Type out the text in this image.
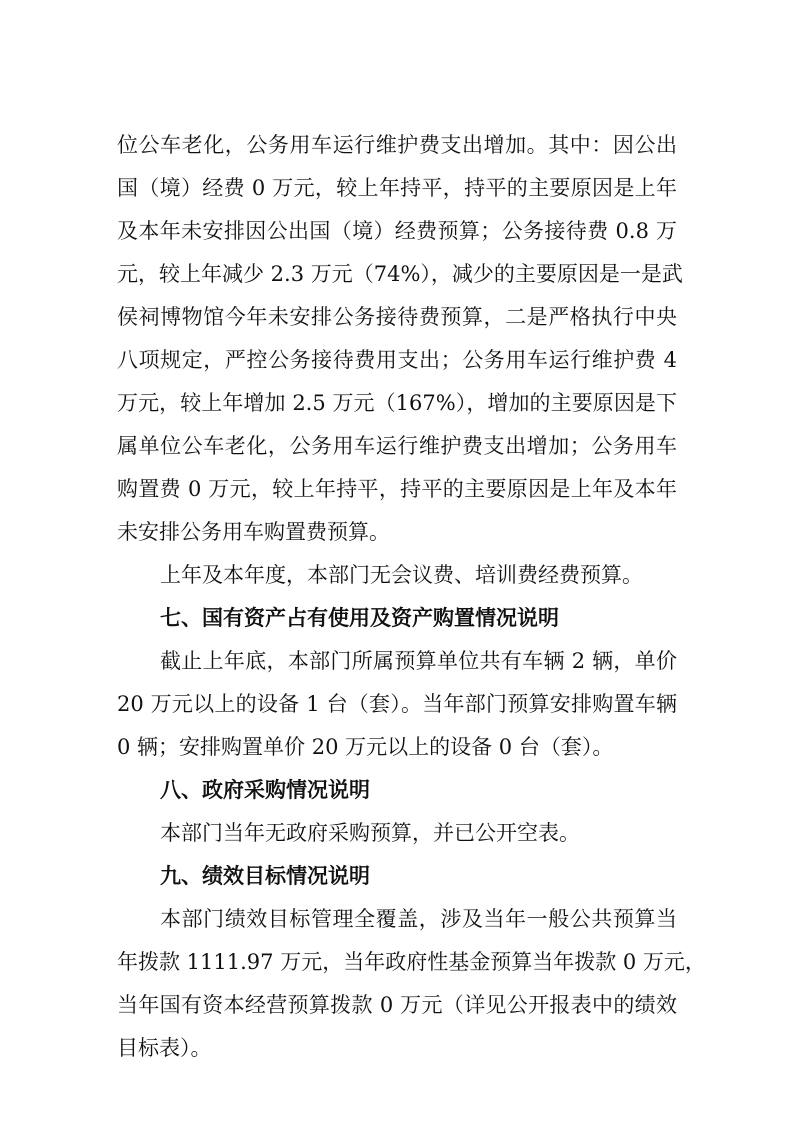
位公车老化，公务用车运行维护费支出增加。其中：因公出
国（境）经费 0 万元，较上年持平，持平的主要原因是上年
及本年未安排因公出国（境）经费预算；公务接待费 0.8 万
元，较上年减少 2.3 万元（74%），减少的主要原因是一是武
侯祠博物馆今年未安排公务接待费预算，二是严格执行中央
八项规定，严控公务接待费用支出；公务用车运行维护费 4
万元，较上年增加 2.5 万元（167%），增加的主要原因是下
属单位公车老化，公务用车运行维护费支出增加；公务用车
购置费 0 万元，较上年持平，持平的主要原因是上年及本年
未安排公务用车购置费预算。
上年及本年度，本部门无会议费、培训费经费预算。
七、国有资产占有使用及资产购置情况说明
截止上年底，本部门所属预算单位共有车辆 2 辆，单价
20 万元以上的设备 1 台（套）。当年部门预算安排购置车辆
0 辆；安排购置单价 20 万元以上的设备 0 台（套）。
八、政府采购情况说明
本部门当年无政府采购预算，并已公开空表。
九、绩效目标情况说明
本部门绩效目标管理全覆盖，涉及当年一般公共预算当
年拨款 1111.97 万元，当年政府性基金预算当年拨款 0 万元，
当年国有资本经营预算拨款 0 万元（详见公开报表中的绩效
目标表）。
